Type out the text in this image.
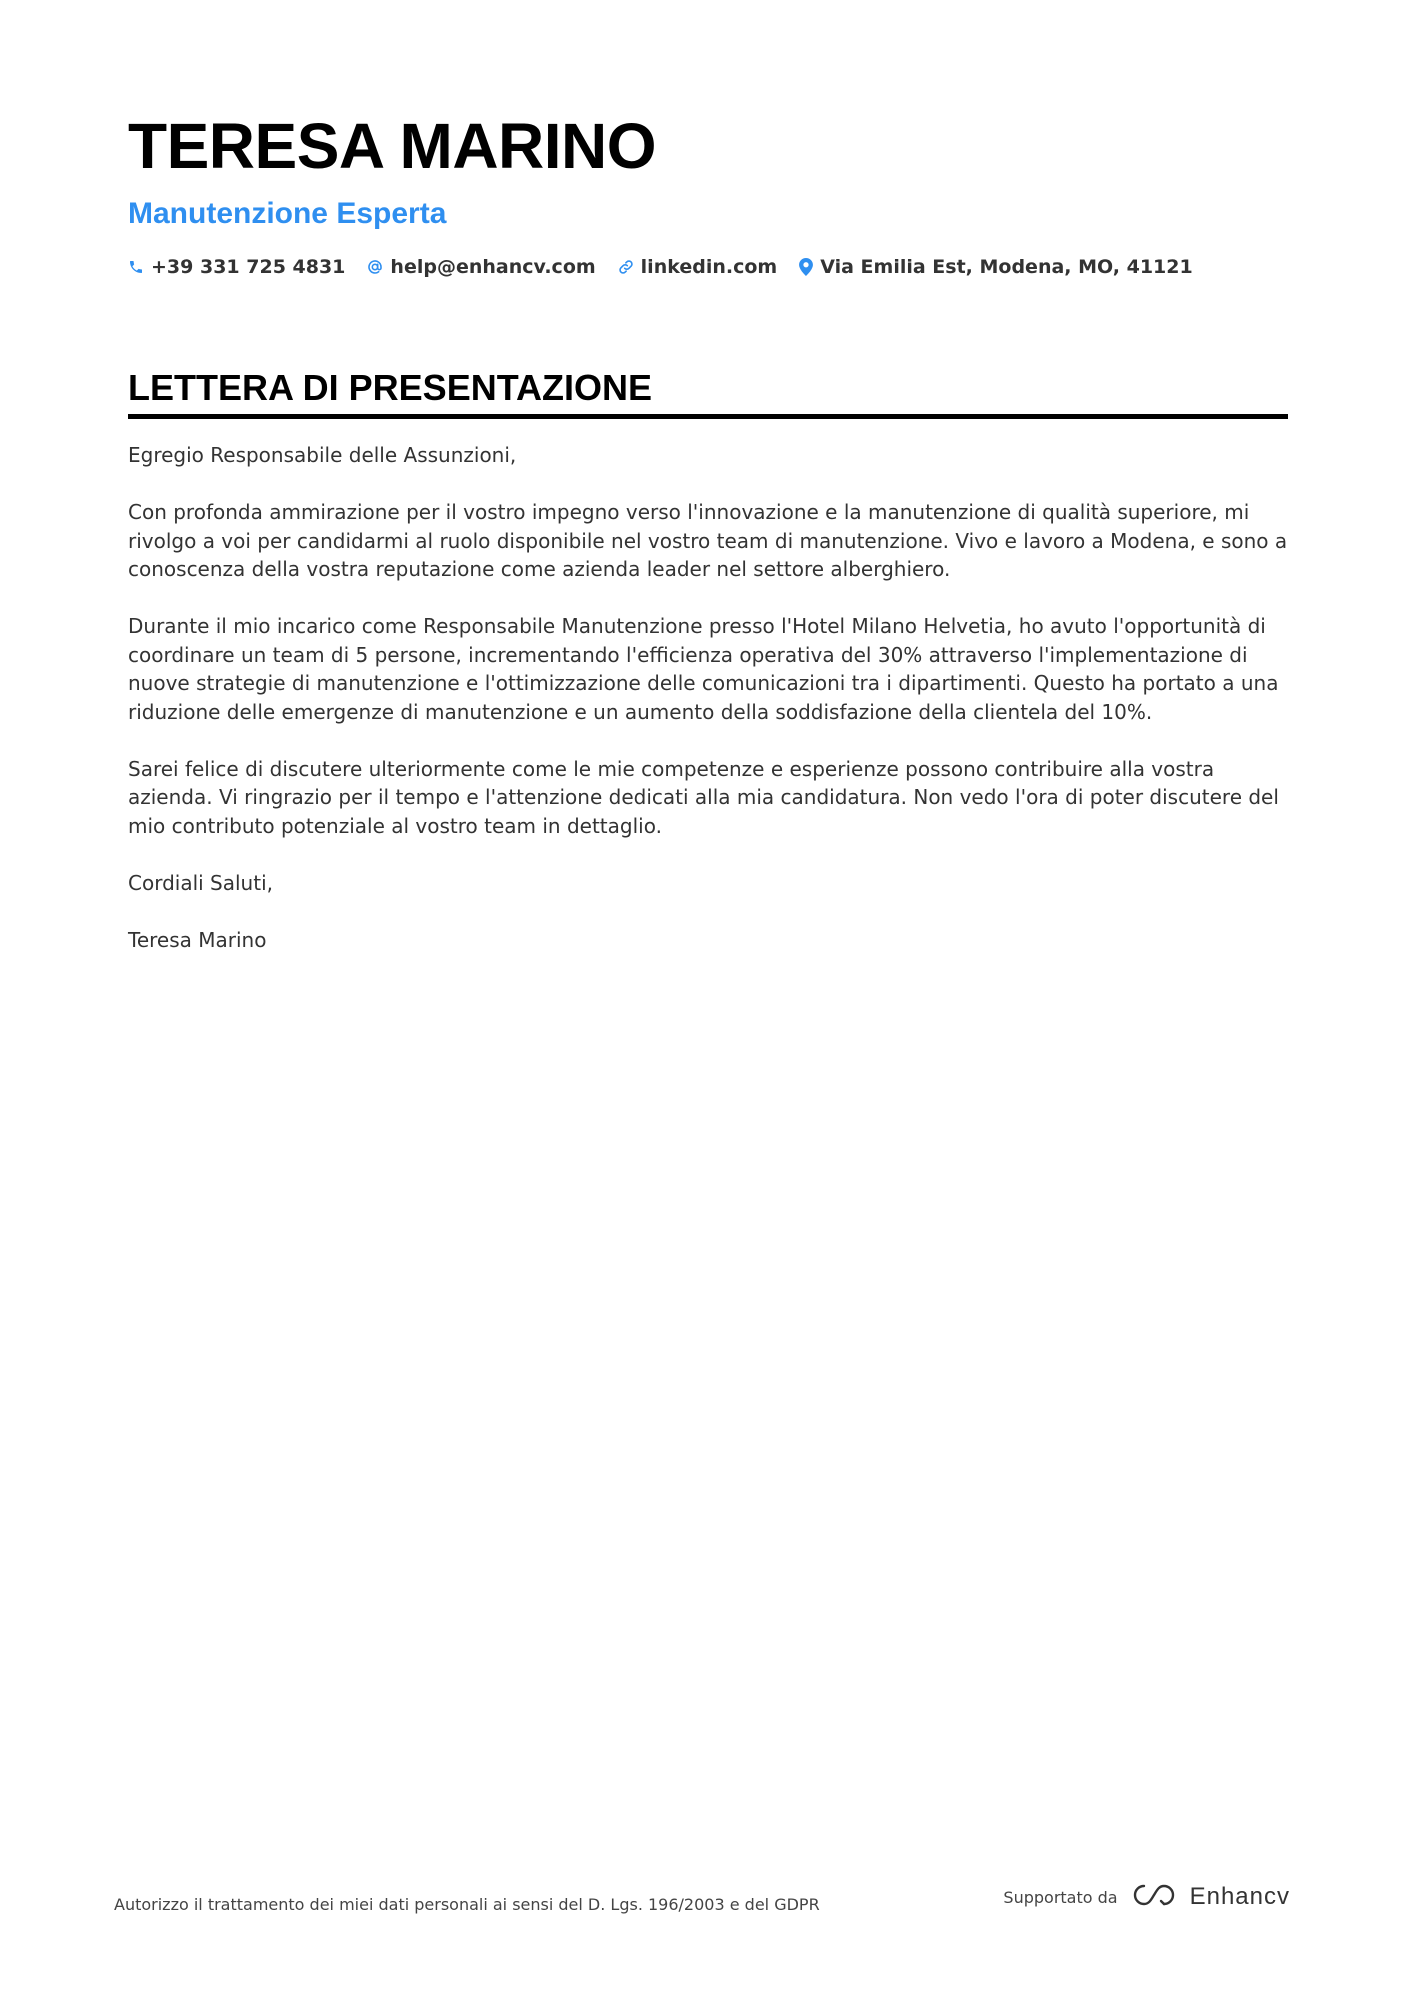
TERESA MARINO
Manutenzione Esperta
+39 331 725 4831 help@enhancv.com linkedin.com Via Emilia Est, Modena, MO, 41121
LETTERA DI PRESENTAZIONE

Egregio Responsabile delle Assunzioni,

Con profonda ammirazione per il vostro impegno verso l'innovazione e la manutenzione di qualità superiore, mi rivolgo a voi per candidarmi al ruolo disponibile nel vostro team di manutenzione. Vivo e lavoro a Modena, e sono a conoscenza della vostra reputazione come azienda leader nel settore alberghiero.

Durante il mio incarico come Responsabile Manutenzione presso l'Hotel Milano Helvetia, ho avuto l'opportunità di coordinare un team di 5 persone, incrementando l'efficienza operativa del 30% attraverso l'implementazione di nuove strategie di manutenzione e l'ottimizzazione delle comunicazioni tra i dipartimenti. Questo ha portato a una riduzione delle emergenze di manutenzione e un aumento della soddisfazione della clientela del 10%.

Sarei felice di discutere ulteriormente come le mie competenze e esperienze possono contribuire alla vostra azienda. Vi ringrazio per il tempo e l'attenzione dedicati alla mia candidatura. Non vedo l'ora di poter discutere del mio contributo potenziale al vostro team in dettaglio.

Cordiali Saluti,

Teresa Marino

Autorizzo il trattamento dei miei dati personali ai sensi del D. Lgs. 196/2003 e del GDPR	Supportato da	Enhancv
